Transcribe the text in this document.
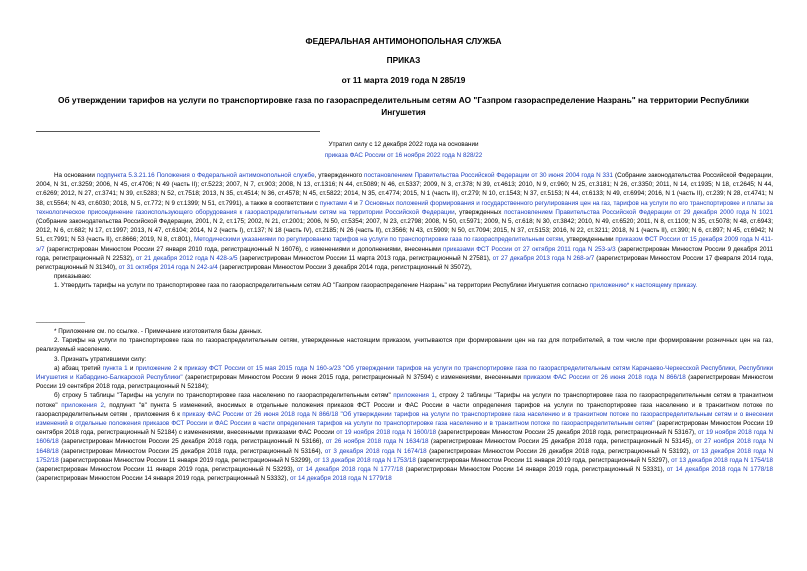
ФЕДЕРАЛЬНАЯ АНТИМОНОПОЛЬНАЯ СЛУЖБА
ПРИКАЗ
от 11 марта 2019 года N 285/19
Об утверждении тарифов на услуги по транспортировке газа по газораспределительным сетям АО "Газпром газораспределение Назрань" на территории Республики Ингушетия
Утратил силу с 12 декабря 2022 года на основании
приказа ФАС России от 16 ноября 2022 года N 828/22

На основании подпункта 5.3.21.16 Положения о Федеральной антимонопольной службе, утвержденного постановлением Правительства Российской Федерации от 30 июня 2004 года N 331 (Собрание законодательства Российской Федерации, 2004, N 31, ст.3259; 2006, N 45, ст.4706; N 49 (часть II); ст.5223; 2007, N 7, ст.903; 2008, N 13, ст.1316; N 44, ст.5089; N 46, ст.5337; 2009, N 3, ст.378; N 39, ст.4613; 2010, N 9, ст.960; N 25, ст.3181; N 26, ст.3350; 2011, N 14, ст.1935; N 18, ст.2645; N 44, ст.6269; 2012, N 27, ст.3741; N 39, ст.5283; N 52, ст.7518; 2013, N 35, ст.4514; N 36, ст.4578; N 45, ст.5822; 2014, N 35, ст.4774; 2015, N 1 (часть II), ст.279; N 10, ст.1543; N 37, ст.5153; N 44, ст.6133; N 49, ст.6994; 2016, N 1 (часть II), ст.239; N 28, ст.4741; N 38, ст.5564; N 43, ст.6030; 2018, N 5, ст.772; N 9 ст.1399; N 51, ст.7991), а также в соответствии с пунктами 4 и 7 Основных положений формирования и государственного регулирования цен на газ, тарифов на услуги по его транспортировке и платы за технологическое присоединение газоиспользующего оборудования к газораспределительным сетям на территории Российской Федерации, утвержденных постановлением Правительства Российской Федерации от 29 декабря 2000 года N 1021 (Собрание законодательства Российской Федерации, 2001, N 2, ст.175; 2002, N 21, ст.2001; 2006, N 50, ст.5354; 2007, N 23, ст.2798; 2008, N 50, ст.5971; 2009, N 5, ст.618; N 30, ст.3842; 2010, N 49, ст.6520; 2011, N 8, ст.1109; N 35, ст.5078; N 48, ст.6943; 2012, N 6, ст.682; N 17, ст.1997; 2013, N 47, ст.6104; 2014, N 2 (часть I), ст.137; N 18 (часть IV), ст.2185; N 26 (часть II), ст.3566; N 43, ст.5909; N 50, ст.7094; 2015, N 37, ст.5153; 2016, N 22, ст.3211; 2018, N 1 (часть II), ст.390; N 6, ст.897; N 45, ст.6942; N 51, ст.7991; N 53 (часть II), ст.8666; 2019, N 8, ст.801), Методическими указаниями по регулированию тарифов на услуги по транспортировке газа по газораспределительным сетям, утвержденными приказом ФСТ России от 15 декабря 2009 года N 411-э/7 (зарегистрирован Минюстом России 27 января 2010 года, регистрационный N 16076), с изменениями и дополнениями, внесенными приказами ФСТ России от 27 октября 2011 года N 253-э/3 (зарегистрирован Минюстом России 9 декабря 2011 года, регистрационный N 22532), от 21 декабря 2012 года N 428-э/5 (зарегистрирован Минюстом России 11 марта 2013 года, регистрационный N 27581), от 27 декабря 2013 года N 268-э/7 (зарегистрирован Минюстом России 17 февраля 2014 года, регистрационный N 31340), от 31 октября 2014 года N 242-э/4 (зарегистрирован Минюстом России 3 декабря 2014 года, регистрационный N 35072),

приказываю:

1. Утвердить тарифы на услуги по транспортировке газа по газораспределительным сетям АО "Газпром газораспределение Назрань" на территории Республики Ингушетия согласно приложению* к настоящему приказу.

______________

* Приложение см. по ссылке. - Примечание изготовителя базы данных.

2. Тарифы на услуги по транспортировке газа по газораспределительным сетям, утвержденные настоящим приказом, учитываются при формировании цен на газ для потребителей, в том числе при формировании розничных цен на газ, реализуемый населению.

3. Признать утратившими силу:

а) абзац третий пункта 1 и приложение 2 к приказу ФСТ России от 15 мая 2015 года N 160-э/23 "Об утверждении тарифов на услуги по транспортировке газа по газораспределительным сетям Карачаево-Черкесской Республики, Республики Ингушетия и Кабардино-Балкарской Республики" (зарегистрирован Минюстом России 9 июня 2015 года, регистрационный N 37594) с изменениями, внесенными приказом ФАС России от 26 июня 2018 года N 866/18 (зарегистрирован Минюстом России 19 сентября 2018 года, регистрационный N 52184);

б) строку 5 таблицы "Тарифы на услуги по транспортировке газа населению по газораспределительным сетям" приложения 1, строку 2 таблицы "Тарифы на услуги по транспортировке газа по газораспределительным сетям в транзитном потоке" приложения 2, подпункт "в" пункта 5 изменений, вносимых в отдельные положения приказов ФСТ России и ФАС России в части определения тарифов на услуги по транспортировке газа населению и в транзитном потоке по газораспределительным сетям , приложения 6 к приказу ФАС России от 26 июня 2018 года N 866/18 "Об утверждении тарифов на услуги по транспортировке газа населению и в транзитном потоке по газораспределительным сетям и о внесении изменений в отдельные положения приказов ФСТ России и ФАС России в части определения тарифов на услуги по транспортировке газа населению и в транзитном потоке по газораспределительным сетям" (зарегистрирован Минюстом России 19 сентября 2018 года, регистрационный N 52184) с изменениями, внесенными приказами ФАС России от 19 ноября 2018 года N 1600/18 (зарегистрирован Минюстом России 25 декабря 2018 года, регистрационный N 53167), от 19 ноября 2018 года N 1606/18 (зарегистрирован Минюстом России 25 декабря 2018 года, регистрационный N 53166), от 26 ноября 2018 года N 1634/18 (зарегистрирован Минюстом России 25 декабря 2018 года, регистрационный N 53145), от 27 ноября 2018 года N 1648/18 (зарегистрирован Минюстом России 25 декабря 2018 года, регистрационный N 53164), от 3 декабря 2018 года N 1674/18 (зарегистрирован Минюстом России 26 декабря 2018 года, регистрационный N 53192), от 13 декабря 2018 года N 1752/18 (зарегистрирован Минюстом России 11 января 2019 года, регистрационный N 53299), от 13 декабря 2018 года N 1753/18 (зарегистрирован Минюстом России 11 января 2019 года, регистрационный N 53297), от 13 декабря 2018 года N 1754/18 (зарегистрирован Минюстом России 11 января 2019 года, регистрационный N 53293), от 14 декабря 2018 года N 1777/18 (зарегистрирован Минюстом России 14 января 2019 года, регистрационный N 53331), от 14 декабря 2018 года N 1778/18 (зарегистрирован Минюстом России 14 января 2019 года, регистрационный N 53332), от 14 декабря 2018 года N 1779/18
